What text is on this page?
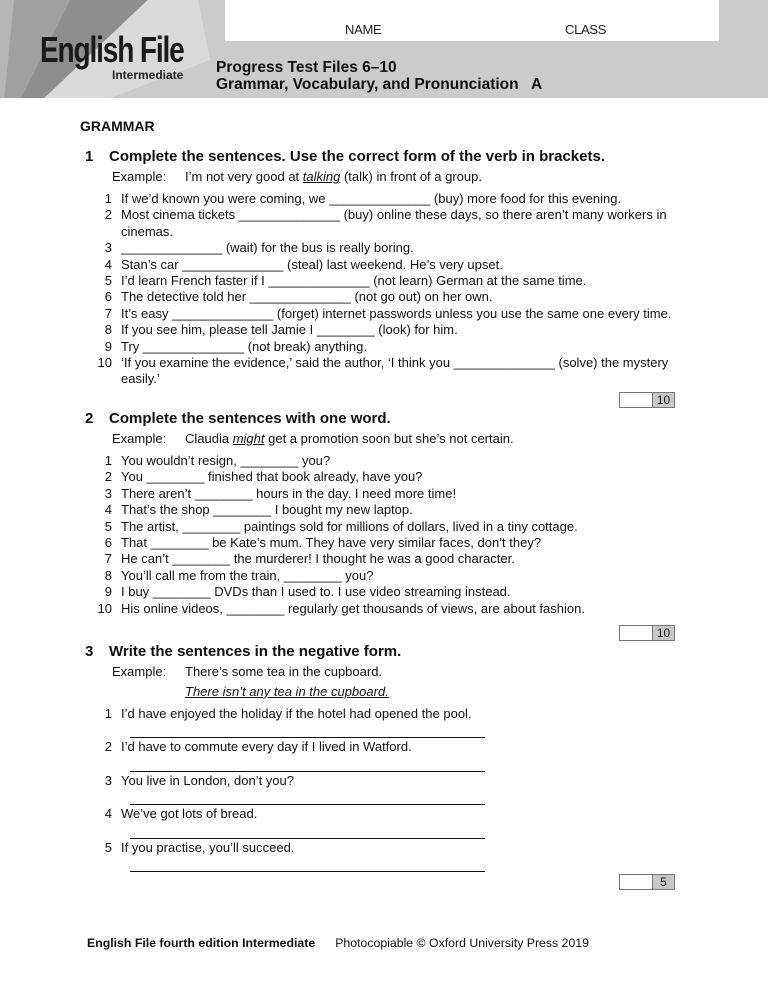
NAME	CLASS
English File
Intermediate Progress Test Files 6–10
Grammar, Vocabulary, and Pronunciation   A
GRAMMAR
1 Complete the sentences. Use the correct form of the verb in brackets.
Example: I’m not very good at talking (talk) in front of a group.
1 If we’d known you were coming, we ______________ (buy) more food for this evening.
2 Most cinema tickets ______________ (buy) online these days, so there aren’t many workers in cinemas.
3 ______________ (wait) for the bus is really boring.
4 Stan’s car ______________ (steal) last weekend. He’s very upset.
5 I’d learn French faster if I ______________ (not learn) German at the same time.
6 The detective told her ______________ (not go out) on her own.
7 It’s easy ______________ (forget) internet passwords unless you use the same one every time.
8 If you see him, please tell Jamie I ________ (look) for him.
9 Try ______________ (not break) anything.
10 ‘If you examine the evidence,’ said the author, ‘I think you ______________ (solve) the mystery easily.’
10
2 Complete the sentences with one word.
Example: Claudia might get a promotion soon but she’s not certain.
1 You wouldn’t resign, ________ you?
2 You ________ finished that book already, have you?
3 There aren’t ________ hours in the day. I need more time!
4 That’s the shop ________ I bought my new laptop.
5 The artist, ________ paintings sold for millions of dollars, lived in a tiny cottage.
6 That ________ be Kate’s mum. They have very similar faces, don’t they?
7 He can’t ________ the murderer! I thought he was a good character.
8 You’ll call me from the train, ________ you?
9 I buy ________ DVDs than I used to. I use video streaming instead.
10 His online videos, ________ regularly get thousands of views, are about fashion.
10
3 Write the sentences in the negative form.
Example: There’s some tea in the cupboard.
There isn’t any tea in the cupboard.
1 I’d have enjoyed the holiday if the hotel had opened the pool.
2 I’d have to commute every day if I lived in Watford.
3 You live in London, don’t you?
4 We’ve got lots of bread.
5 If you practise, you’ll succeed.
5
English File fourth edition Intermediate Photocopiable © Oxford University Press 2019
